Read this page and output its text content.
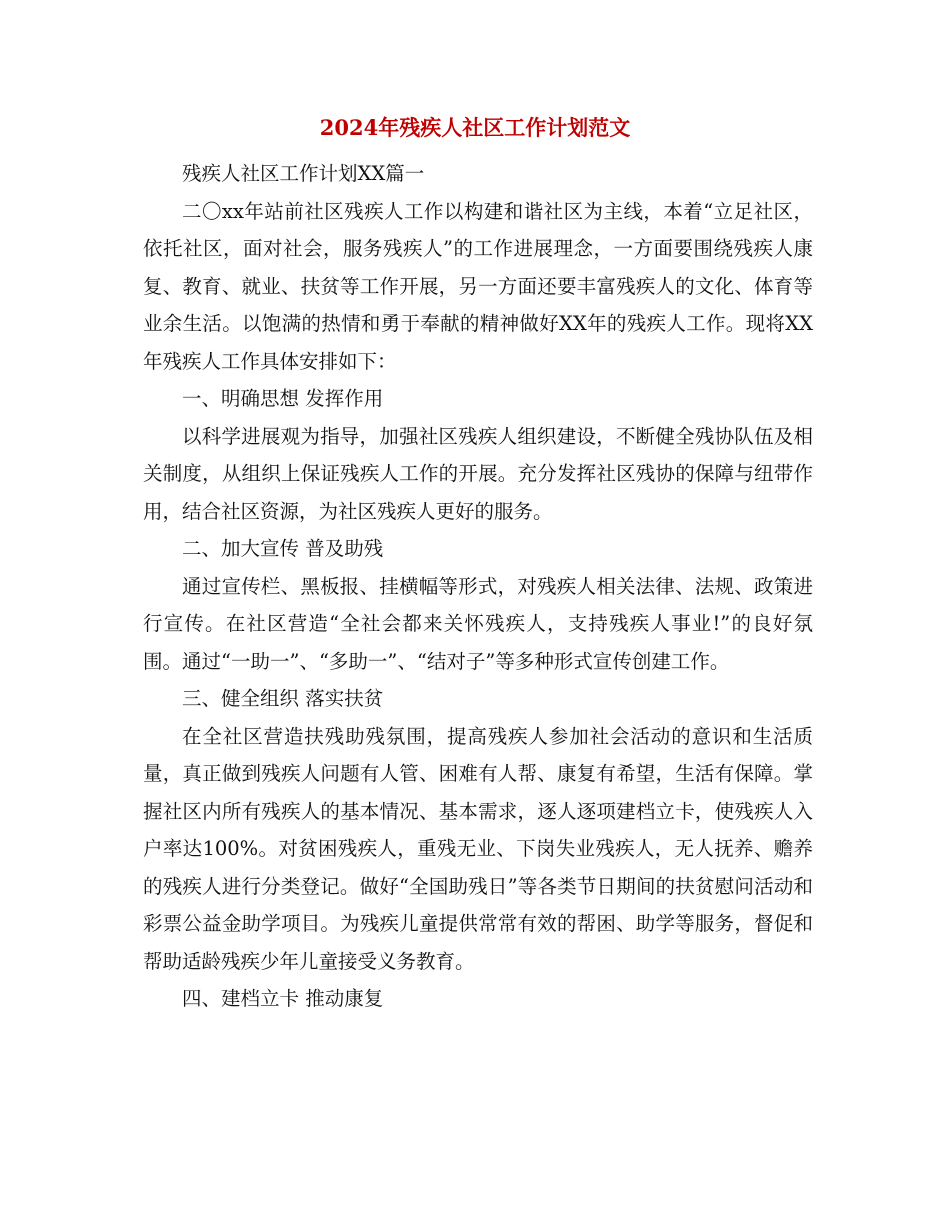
2024年残疾人社区工作计划范文

残疾人社区工作计划XX篇一

二〇xx年站前社区残疾人工作以构建和谐社区为主线，本着“立足社区，依托社区，面对社会，服务残疾人”的工作进展理念，一方面要围绕残疾人康复、教育、就业、扶贫等工作开展，另一方面还要丰富残疾人的文化、体育等业余生活。以饱满的热情和勇于奉献的精神做好XX年的残疾人工作。现将XX年残疾人工作具体安排如下：

一、明确思想 发挥作用

以科学进展观为指导，加强社区残疾人组织建设，不断健全残协队伍及相关制度，从组织上保证残疾人工作的开展。充分发挥社区残协的保障与纽带作用，结合社区资源，为社区残疾人更好的服务。

二、加大宣传 普及助残

通过宣传栏、黑板报、挂横幅等形式，对残疾人相关法律、法规、政策进行宣传。在社区营造“全社会都来关怀残疾人，支持残疾人事业!”的良好氛围。通过“一助一”、“多助一”、“结对子”等多种形式宣传创建工作。

三、健全组织 落实扶贫

在全社区营造扶残助残氛围，提高残疾人参加社会活动的意识和生活质量，真正做到残疾人问题有人管、困难有人帮、康复有希望，生活有保障。掌握社区内所有残疾人的基本情况、基本需求，逐人逐项建档立卡，使残疾人入户率达100%。对贫困残疾人，重残无业、下岗失业残疾人，无人抚养、赡养的残疾人进行分类登记。做好“全国助残日”等各类节日期间的扶贫慰问活动和彩票公益金助学项目。为残疾儿童提供常常有效的帮困、助学等服务，督促和帮助适龄残疾少年儿童接受义务教育。

四、建档立卡 推动康复
